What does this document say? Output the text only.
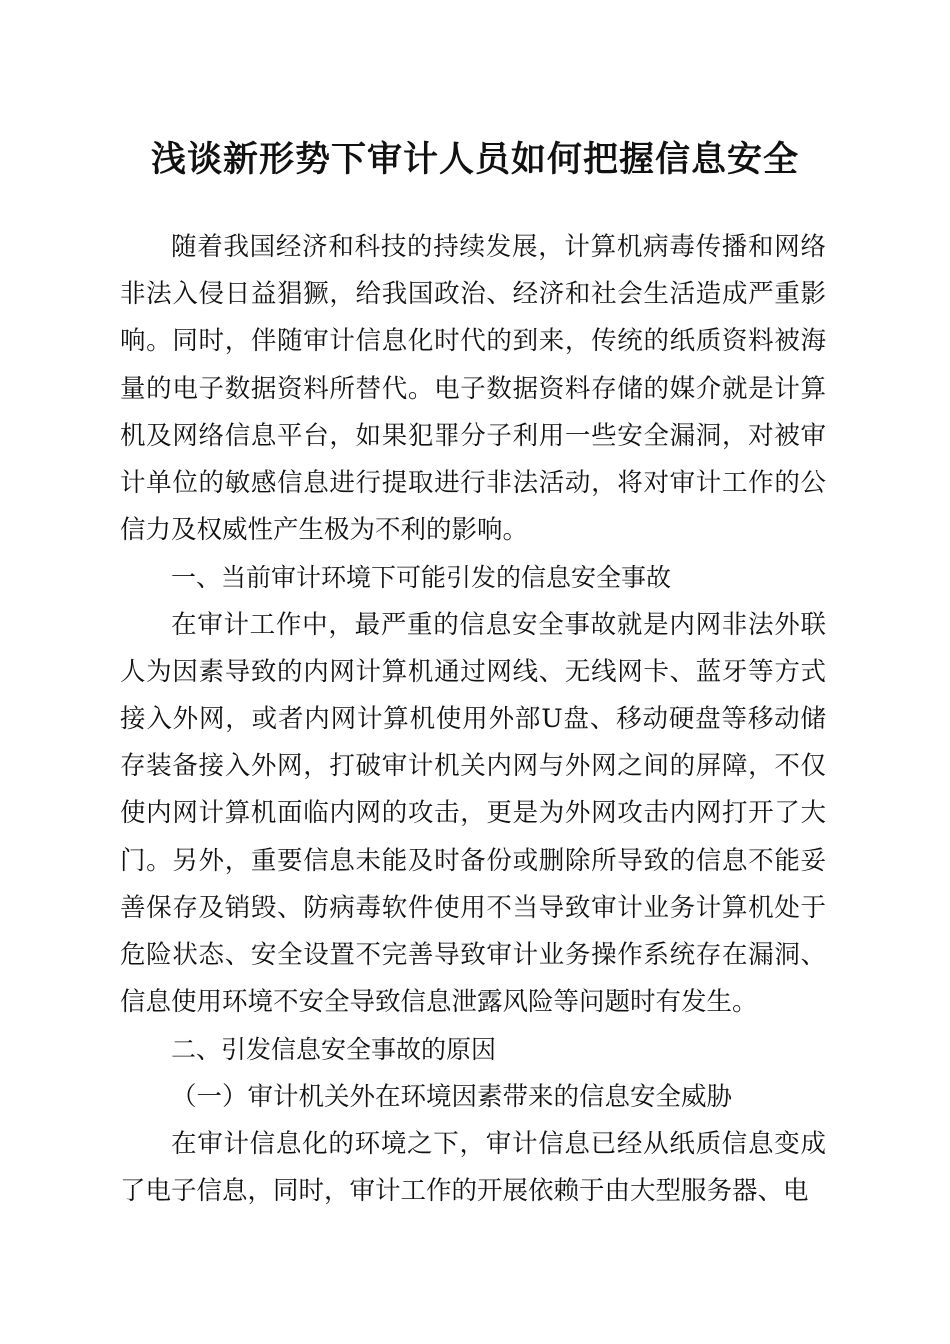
浅谈新形势下审计人员如何把握信息安全

随着我国经济和科技的持续发展，计算机病毒传播和网络非法入侵日益猖獗，给我国政治、经济和社会生活造成严重影响。同时，伴随审计信息化时代的到来，传统的纸质资料被海量的电子数据资料所替代。电子数据资料存储的媒介就是计算机及网络信息平台，如果犯罪分子利用一些安全漏洞，对被审计单位的敏感信息进行提取进行非法活动，将对审计工作的公信力及权威性产生极为不利的影响。

一、当前审计环境下可能引发的信息安全事故

在审计工作中，最严重的信息安全事故就是内网非法外联人为因素导致的内网计算机通过网线、无线网卡、蓝牙等方式接入外网，或者内网计算机使用外部U盘、移动硬盘等移动储存装备接入外网，打破审计机关内网与外网之间的屏障，不仅使内网计算机面临内网的攻击，更是为外网攻击内网打开了大门。另外，重要信息未能及时备份或删除所导致的信息不能妥善保存及销毁、防病毒软件使用不当导致审计业务计算机处于危险状态、安全设置不完善导致审计业务操作系统存在漏洞、信息使用环境不安全导致信息泄露风险等问题时有发生。

二、引发信息安全事故的原因

（一）审计机关外在环境因素带来的信息安全威胁

在审计信息化的环境之下，审计信息已经从纸质信息变成了电子信息，同时，审计工作的开展依赖于由大型服务器、电
